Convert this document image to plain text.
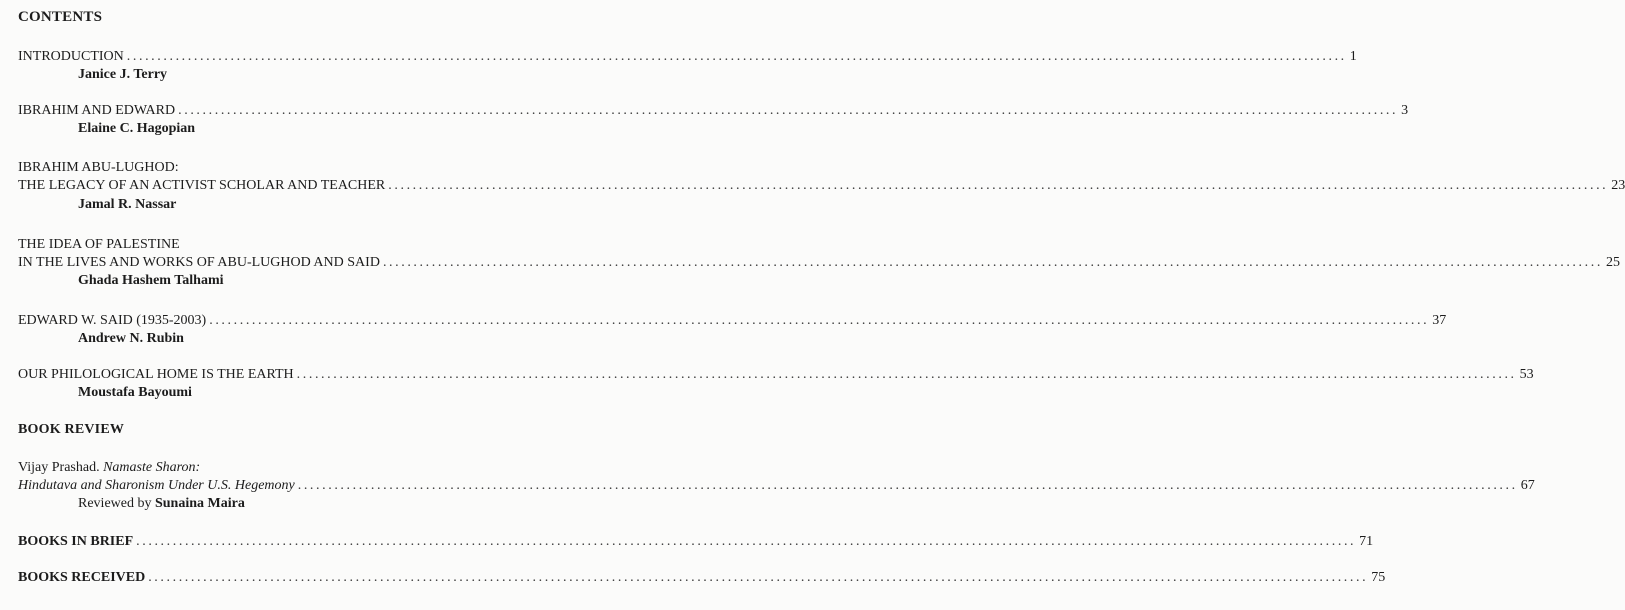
CONTENTS
INTRODUCTION ........................................................................................................................................................................................................ 1
Janice J. Terry
IBRAHIM AND EDWARD ........................................................................................................................................................................................................ 3
Elaine C. Hagopian
IBRAHIM ABU-LUGHOD:
THE LEGACY OF AN ACTIVIST SCHOLAR AND TEACHER ........................................................................................................................................................................................................ 23
Jamal R. Nassar
THE IDEA OF PALESTINE
IN THE LIVES AND WORKS OF ABU-LUGHOD AND SAID ........................................................................................................................................................................................................ 25
Ghada Hashem Talhami
EDWARD W. SAID (1935-2003) ........................................................................................................................................................................................................ 37
Andrew N. Rubin
OUR PHILOLOGICAL HOME IS THE EARTH ........................................................................................................................................................................................................ 53
Moustafa Bayoumi
BOOK REVIEW
Vijay Prashad. Namaste Sharon:
Hindutava and Sharonism Under U.S. Hegemony ........................................................................................................................................................................................................ 67
Reviewed by Sunaina Maira
BOOKS IN BRIEF ........................................................................................................................................................................................................ 71
BOOKS RECEIVED ........................................................................................................................................................................................................ 75
